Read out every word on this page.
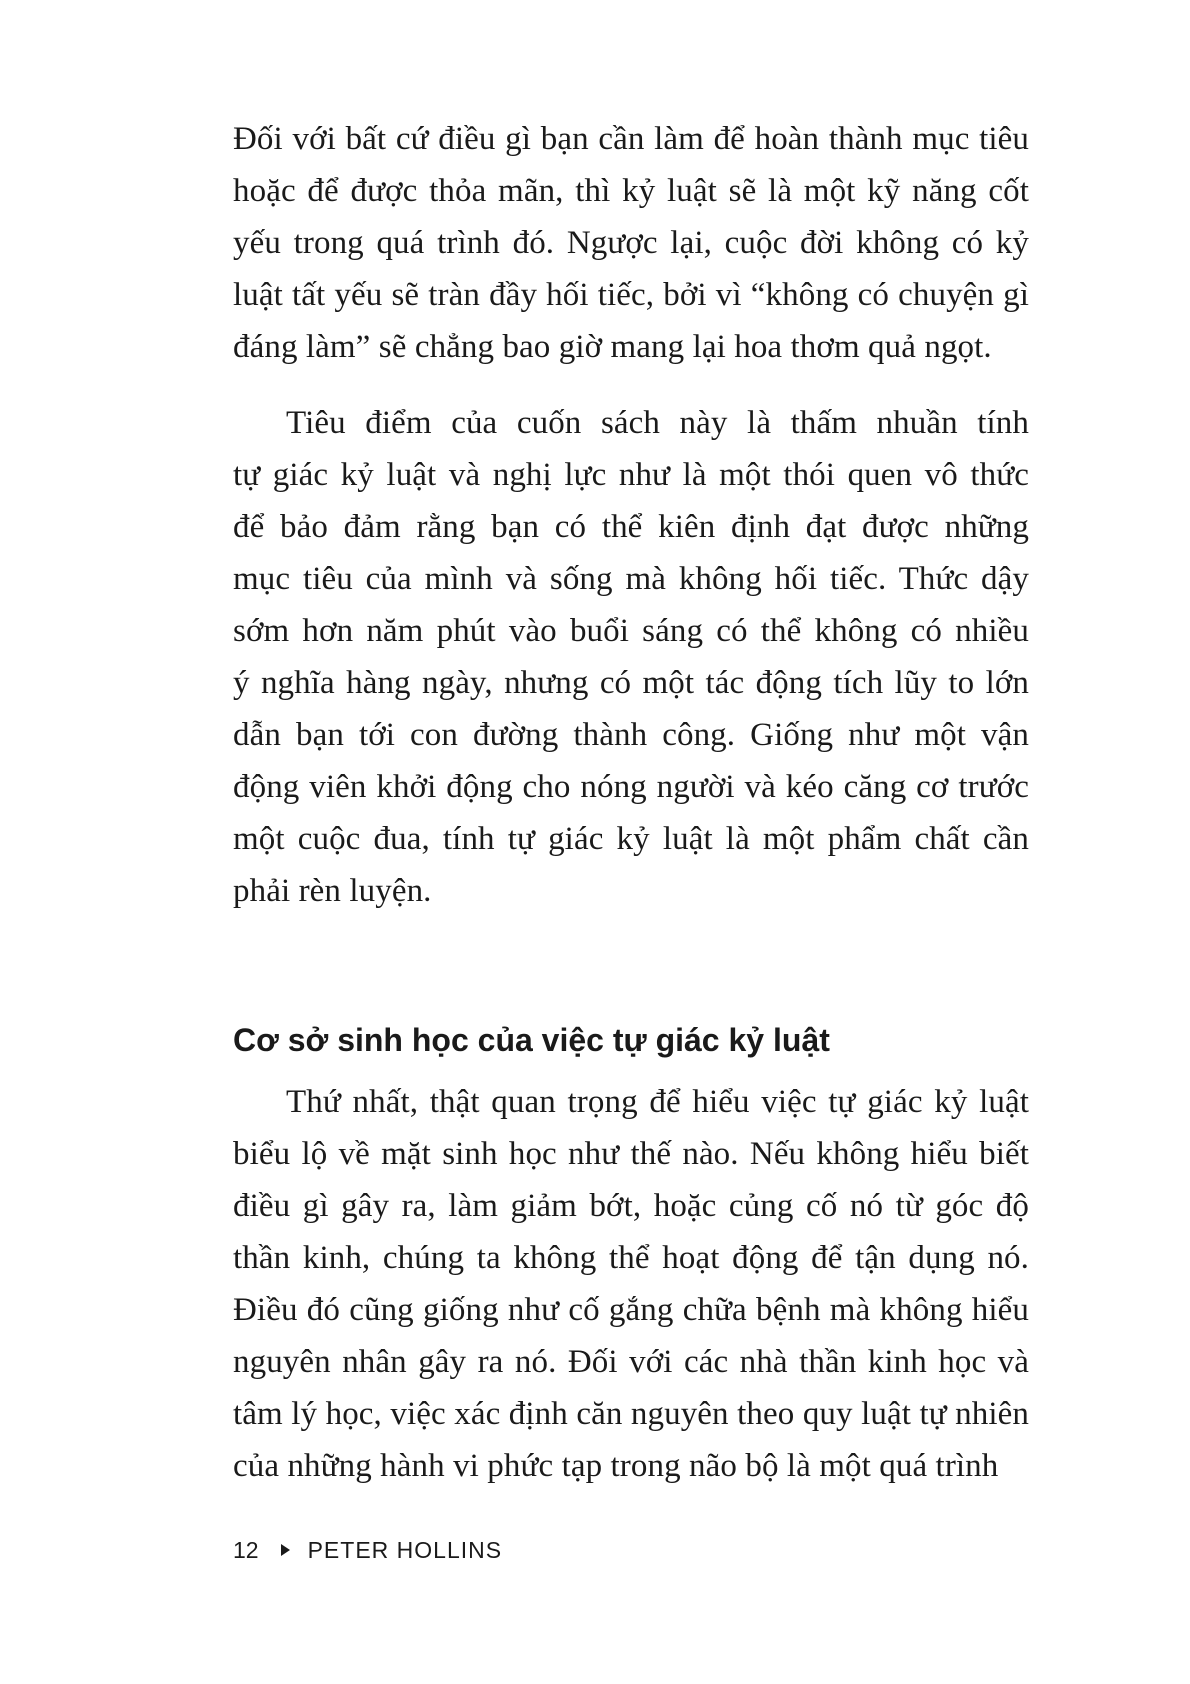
Đối với bất cứ điều gì bạn cần làm để hoàn thành mục tiêu
hoặc để được thỏa mãn, thì kỷ luật sẽ là một kỹ năng cốt
yếu trong quá trình đó. Ngược lại, cuộc đời không có kỷ
luật tất yếu sẽ tràn đầy hối tiếc, bởi vì “không có chuyện gì
đáng làm” sẽ chẳng bao giờ mang lại hoa thơm quả ngọt.
Tiêu điểm của cuốn sách này là thấm nhuần tính
tự giác kỷ luật và nghị lực như là một thói quen vô thức
để bảo đảm rằng bạn có thể kiên định đạt được những
mục tiêu của mình và sống mà không hối tiếc. Thức dậy
sớm hơn năm phút vào buổi sáng có thể không có nhiều
ý nghĩa hàng ngày, nhưng có một tác động tích lũy to lớn
dẫn bạn tới con đường thành công. Giống như một vận
động viên khởi động cho nóng người và kéo căng cơ trước
một cuộc đua, tính tự giác kỷ luật là một phẩm chất cần
phải rèn luyện.
Cơ sở sinh học của việc tự giác kỷ luật
Thứ nhất, thật quan trọng để hiểu việc tự giác kỷ luật
biểu lộ về mặt sinh học như thế nào. Nếu không hiểu biết
điều gì gây ra, làm giảm bớt, hoặc củng cố nó từ góc độ
thần kinh, chúng ta không thể hoạt động để tận dụng nó.
Điều đó cũng giống như cố gắng chữa bệnh mà không hiểu
nguyên nhân gây ra nó. Đối với các nhà thần kinh học và
tâm lý học, việc xác định căn nguyên theo quy luật tự nhiên
của những hành vi phức tạp trong não bộ là một quá trình
12 PETER HOLLINS
